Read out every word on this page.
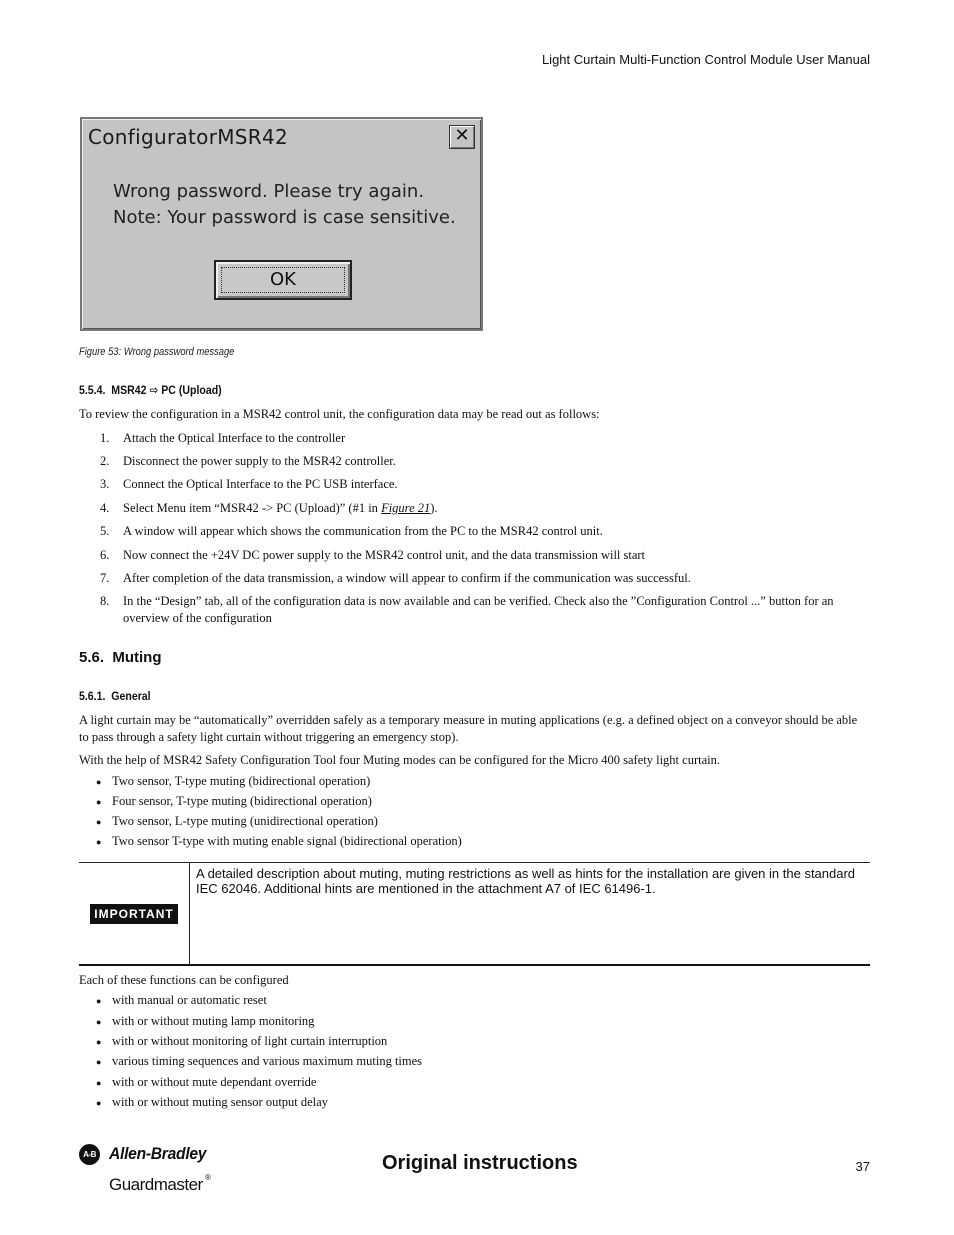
Light Curtain Multi-Function Control Module User Manual
ConfiguratorMSR42	✕
Wrong password. Please try again.
Note: Your password is case sensitive.
OK
Figure 53: Wrong password message
5.5.4. MSR42 ⇨ PC (Upload)
To review the configuration in a MSR42 control unit, the configuration data may be read out as follows:
1. Attach the Optical Interface to the controller
2. Disconnect the power supply to the MSR42 controller.
3. Connect the Optical Interface to the PC USB interface.
4. Select Menu item “MSR42 -> PC (Upload)” (#1 in Figure 21).
5. A window will appear which shows the communication from the PC to the MSR42 control unit.
6. Now connect the +24V DC power supply to the MSR42 control unit, and the data transmission will start
7. After completion of the data transmission, a window will appear to confirm if the communication was successful.
8. In the “Design” tab, all of the configuration data is now available and can be verified. Check also the ”Configuration Control ...” button for an overview of the configuration
5.6.  Muting
5.6.1.  General
A light curtain may be “automatically” overridden safely as a temporary measure in muting applications (e.g. a defined object on a conveyor should be able to pass through a safety light curtain without triggering an emergency stop).
With the help of MSR42 Safety Configuration Tool four Muting modes can be configured for the Micro 400 safety light curtain.
● Two sensor, T-type muting (bidirectional operation)
● Four sensor, T-type muting (bidirectional operation)
● Two sensor, L-type muting (unidirectional operation)
● Two sensor T-type with muting enable signal (bidirectional operation)
IMPORTANT
A detailed description about muting, muting restrictions as well as hints for the installation are given in the standard IEC 62046. Additional hints are mentioned in the attachment A7 of IEC 61496-1.
Each of these functions can be configured
● with manual or automatic reset
● with or without muting lamp monitoring
● with or without monitoring of light curtain interruption
● various timing sequences and various maximum muting times
● with or without mute dependant override
● with or without muting sensor output delay
A-B Allen-Bradley
Guardmaster ®
Original instructions	37
